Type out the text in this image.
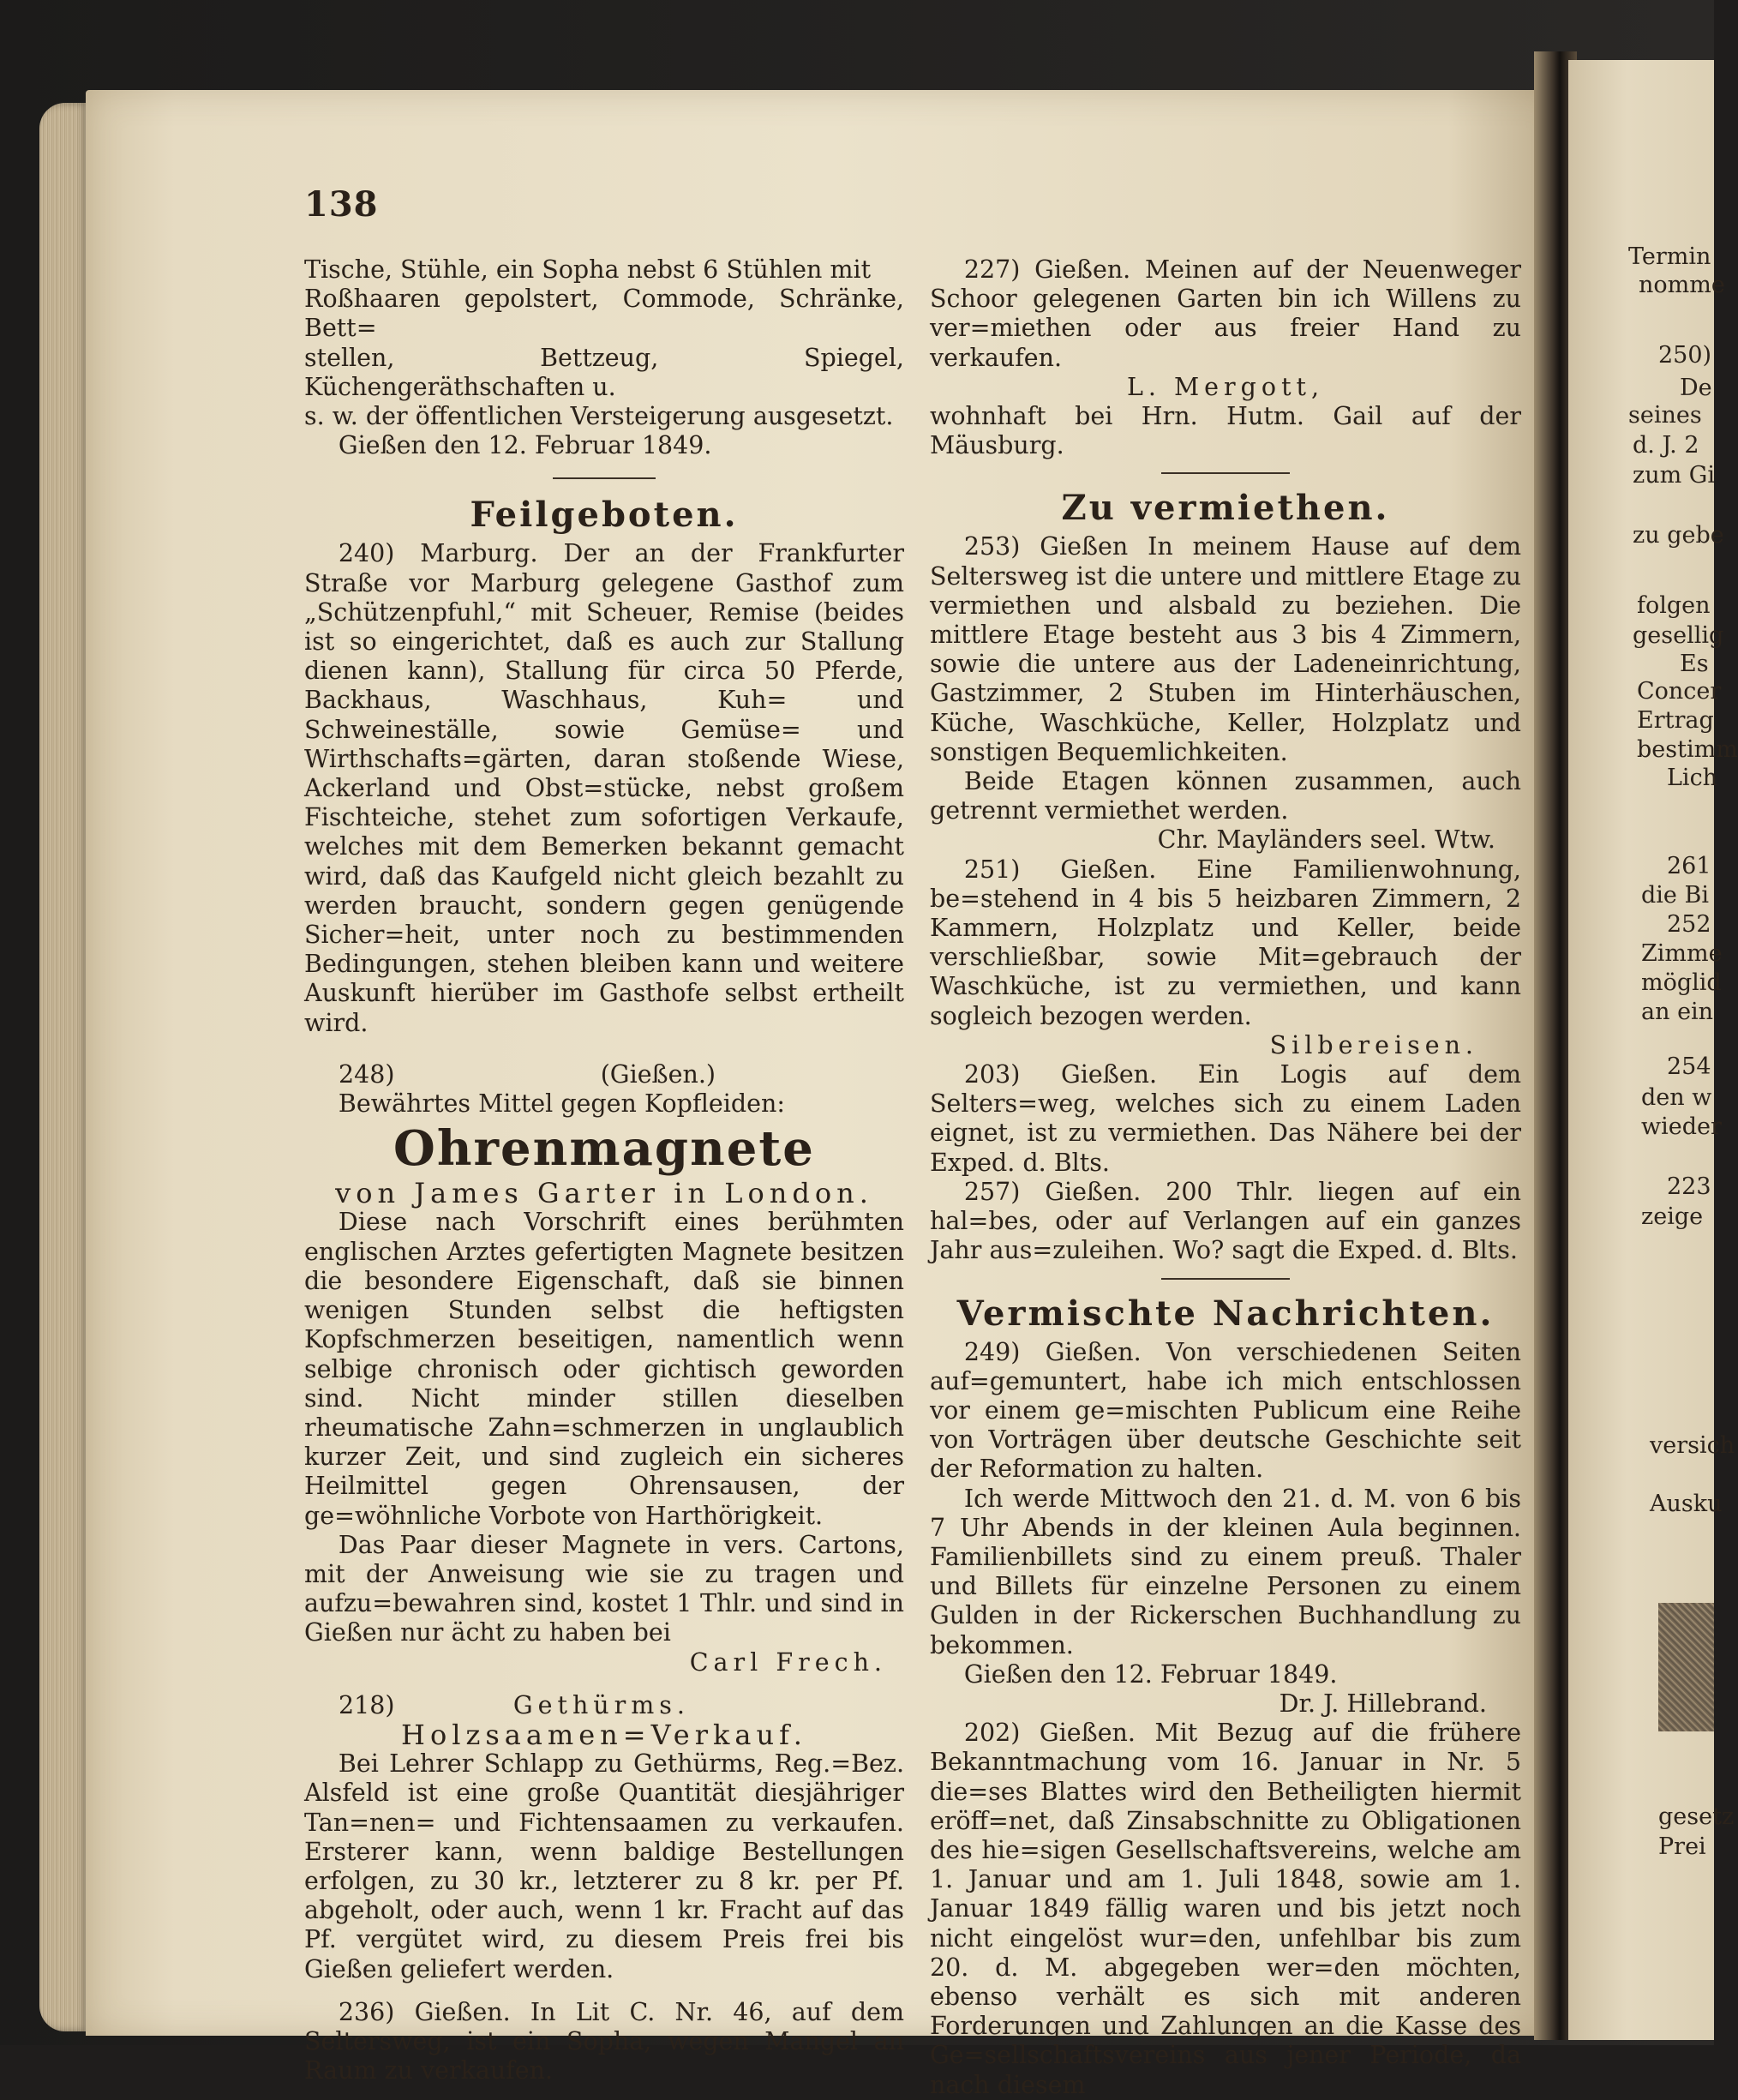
Termin
nomme
250)
De
seines
d. J. 2
zum Gi
zu gebe
folgen
gesellig
Es
Concer
Ertrag
bestimm
Lich
261
die Bi
252
Zimme
möglid
an ein
254
den w
wieder
223
zeige
versich
Ausku
gesetz
Prei
138

Tische, Stühle, ein Sopha nebst 6 Stühlen mit

Roßhaaren gepolstert, Commode, Schränke, Bett=

stellen, Bettzeug, Spiegel, Küchengeräthschaften u.

s. w. der öffentlichen Versteigerung ausgesetzt.

Gießen den 12. Februar 1849.

Feilgeboten.

240) Marburg. Der an der Frankfurter Straße vor Marburg gelegene Gasthof zum „Schützenpfuhl,“ mit Scheuer, Remise (beides ist so eingerichtet, daß es auch zur Stallung dienen kann), Stallung für circa 50 Pferde, Backhaus, Waschhaus, Kuh= und Schweineställe, sowie Gemüse= und Wirthschafts=gärten, daran stoßende Wiese, Ackerland und Obst=stücke, nebst großem Fischteiche, stehet zum sofortigen Verkaufe, welches mit dem Bemerken bekannt gemacht wird, daß das Kaufgeld nicht gleich bezahlt zu werden braucht, sondern gegen genügende Sicher=heit, unter noch zu bestimmenden Bedingungen, stehen bleiben kann und weitere Auskunft hierüber im Gasthofe selbst ertheilt wird.

248)	(Gießen.)

Bewährtes Mittel gegen Kopfleiden:

Ohrenmagnete

von James Garter in London.

Diese nach Vorschrift eines berühmten englischen Arztes gefertigten Magnete besitzen die besondere Eigenschaft, daß sie binnen wenigen Stunden selbst die heftigsten Kopfschmerzen beseitigen, namentlich wenn selbige chronisch oder gichtisch geworden sind. Nicht minder stillen dieselben rheumatische Zahn=schmerzen in unglaublich kurzer Zeit, und sind zugleich ein sicheres Heilmittel gegen Ohrensausen, der ge=wöhnliche Vorbote von Harthörigkeit.

Das Paar dieser Magnete in vers. Cartons, mit der Anweisung wie sie zu tragen und aufzu=bewahren sind, kostet 1 Thlr. und sind in Gießen nur ächt zu haben bei

Carl Frech.

218)	Gethürms.

Holzsaamen=Verkauf.

Bei Lehrer Schlapp zu Gethürms, Reg.=Bez. Alsfeld ist eine große Quantität diesjähriger Tan=nen= und Fichtensaamen zu verkaufen. Ersterer kann, wenn baldige Bestellungen erfolgen, zu 30 kr., letzterer zu 8 kr. per Pf. abgeholt, oder auch, wenn 1 kr. Fracht auf das Pf. vergütet wird, zu diesem Preis frei bis Gießen geliefert werden.

236) Gießen. In Lit C. Nr. 46, auf dem Seltersweg, ist ein Sopha, wegen Mangel an Raum zu verkaufen.

227) Gießen. Meinen auf der Neuenweger Schoor gelegenen Garten bin ich Willens zu ver=miethen oder aus freier Hand zu verkaufen.

L. Mergott,

wohnhaft bei Hrn. Hutm. Gail auf der Mäusburg.

Zu vermiethen.

253) Gießen In meinem Hause auf dem Seltersweg ist die untere und mittlere Etage zu vermiethen und alsbald zu beziehen. Die mittlere Etage besteht aus 3 bis 4 Zimmern, sowie die untere aus der Ladeneinrichtung, Gastzimmer, 2 Stuben im Hinterhäuschen, Küche, Waschküche, Keller, Holzplatz und sonstigen Bequemlichkeiten.

Beide Etagen können zusammen, auch getrennt vermiethet werden.

Chr. Mayländers seel. Wtw.

251) Gießen. Eine Familienwohnung, be=stehend in 4 bis 5 heizbaren Zimmern, 2 Kammern, Holzplatz und Keller, beide verschließbar, sowie Mit=gebrauch der Waschküche, ist zu vermiethen, und kann sogleich bezogen werden.

Silbereisen.

203) Gießen. Ein Logis auf dem Selters=weg, welches sich zu einem Laden eignet, ist zu vermiethen. Das Nähere bei der Exped. d. Blts.

257) Gießen. 200 Thlr. liegen auf ein hal=bes, oder auf Verlangen auf ein ganzes Jahr aus=zuleihen. Wo? sagt die Exped. d. Blts.

Vermischte Nachrichten.

249) Gießen. Von verschiedenen Seiten auf=gemuntert, habe ich mich entschlossen vor einem ge=mischten Publicum eine Reihe von Vorträgen über deutsche Geschichte seit der Reformation zu halten.

Ich werde Mittwoch den 21. d. M. von 6 bis 7 Uhr Abends in der kleinen Aula beginnen. Familienbillets sind zu einem preuß. Thaler und Billets für einzelne Personen zu einem Gulden in der Rickerschen Buchhandlung zu bekommen.

Gießen den 12. Februar 1849.

Dr. J. Hillebrand.

202) Gießen. Mit Bezug auf die frühere Bekanntmachung vom 16. Januar in Nr. 5 die=ses Blattes wird den Betheiligten hiermit eröff=net, daß Zinsabschnitte zu Obligationen des hie=sigen Gesellschaftsvereins, welche am 1. Januar und am 1. Juli 1848, sowie am 1. Januar 1849 fällig waren und bis jetzt noch nicht eingelöst wur=den, unfehlbar bis zum 20. d. M. abgegeben wer=den möchten, ebenso verhält es sich mit anderen Forderungen und Zahlungen an die Kasse des Ge=sellschaftsvereins aus jener Periode, da nach diesem
